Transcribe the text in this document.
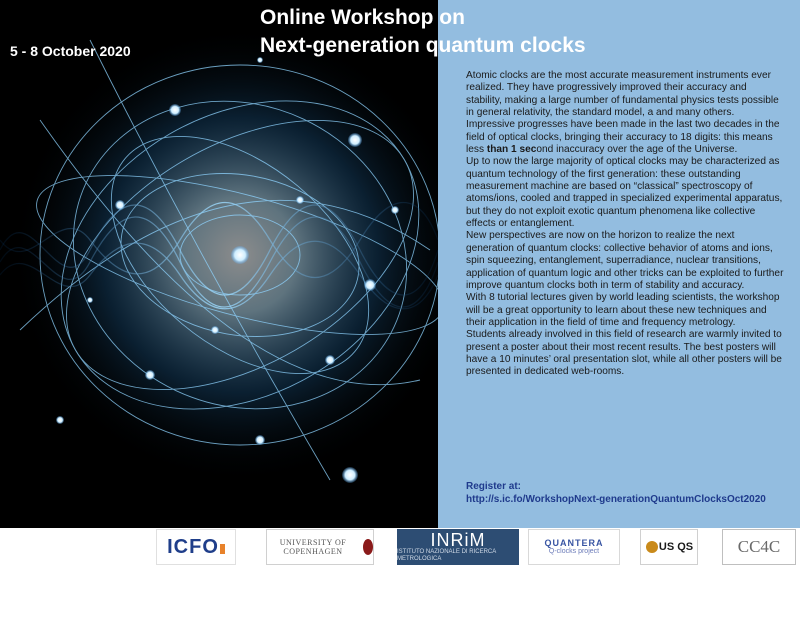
Online Workshop on
Next-generation quantum clocks
5 - 8 October 2020

Atomic clocks are the most accurate measurement instruments ever realized. They have progressively improved their accuracy and stability, making a large number of fundamental physics tests possible in general relativity, the standard model, a and many others. Impressive progresses have been made in the last two decades in the field of optical clocks, bringing their accuracy to 18 digits: this means less than 1 second inaccuracy over the age of the Universe.

Up to now the large majority of optical clocks may be characterized as quantum technology of the first generation: these outstanding measurement machine are based on “classical” spectroscopy of atoms/ions, cooled and trapped in specialized experimental apparatus, but they do not exploit exotic quantum phenomena like collective effects or entanglement.

New perspectives are now on the horizon to realize the next generation of quantum clocks: collective behavior of atoms and ions, spin squeezing, entanglement, superradiance, nuclear transitions, application of quantum logic and other tricks can be exploited to further improve quantum clocks both in term of stability and accuracy.

With 8 tutorial lectures given by world leading scientists, the workshop will be a great opportunity to learn about these new techniques and their application in the field of time and frequency metrology.

Students already involved in this field of research are warmly invited to present a poster about their most recent results. The best posters will have a 10 minutes’ oral presentation slot, while all other posters will be presented in dedicated web-rooms.

Register at:
http://s.ic.fo/WorkshopNext-generationQuantumClocksOct2020
ICFO	UNIVERSITY OF COPENHAGEN
INRiM
ISTITUTO NAZIONALE DI RICERCA METROLOGICA
QUANTERA
Q-clocks project	US QS	CC4C
